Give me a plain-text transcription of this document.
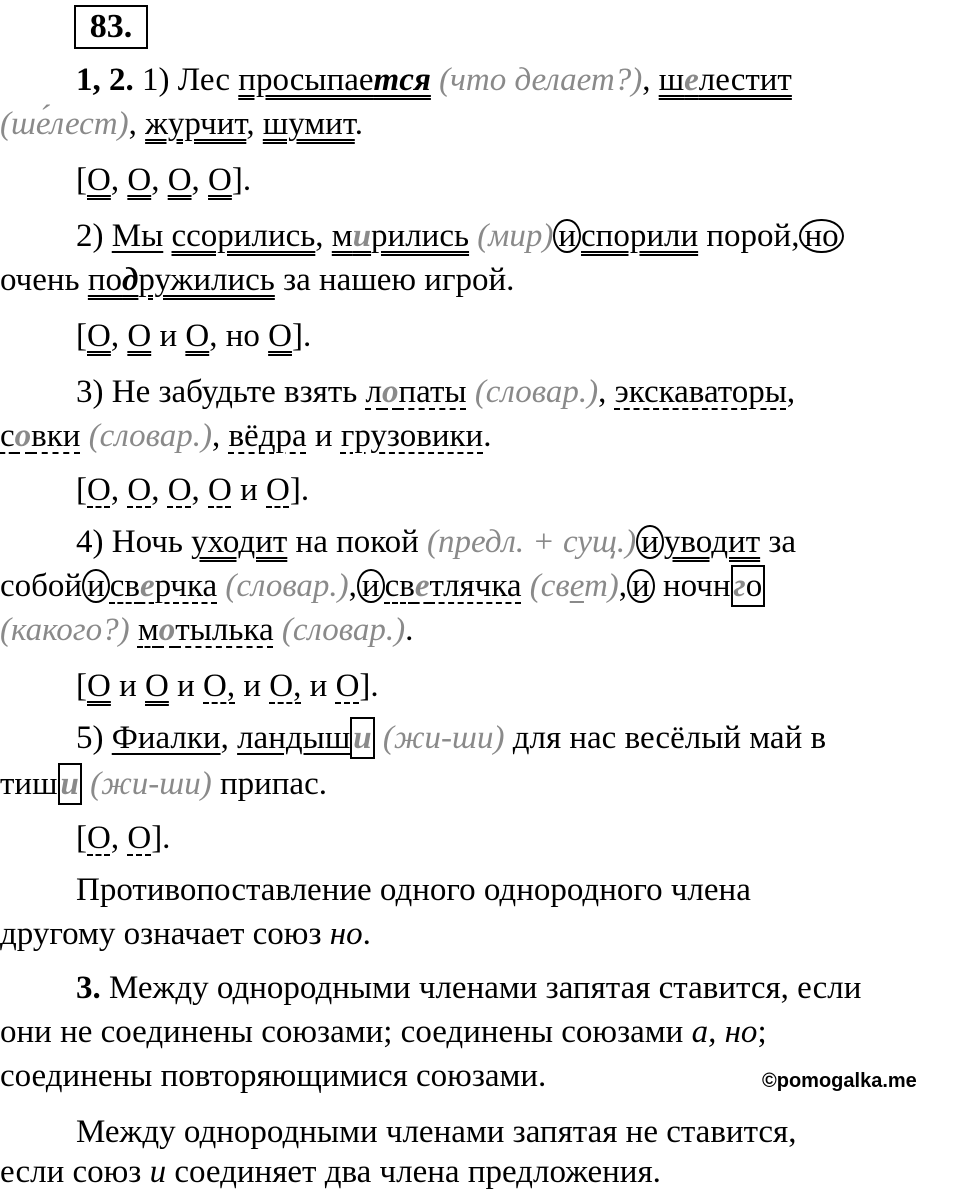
83.
1, 2. 1) Лес просыпается (что делает?), шелестит
(ше́лест), журчит, шумит.
[О, О, О, О].
2) Мы ссорились, мирились (мир) и спорили порой, но
очень подружились за нашею игрой.
[О, О и О, но О].
3) Не забудьте взять лопаты (словар.), экскаваторы,
совки (словар.), вёдра и грузовики.
[О, О, О, О и О].
4) Ночь уходит на покой (предл. + сущ.) и уводит за
собой и сверчка (словар.), и светлячка (свет), и ночнго
(какого?) мотылька (словар.).
[О и О и О, и О, и О].
5) Фиалки, ландыши (жи-ши) для нас весёлый май в
тиши (жи-ши) припас.
[О, О].
Противопоставление одного однородного члена
другому означает союз но.
3. Между однородными членами запятая ставится, если
они не соединены союзами; соединены союзами а, но;
соединены повторяющимися союзами.	©pomogalka.me
Между однородными членами запятая не ставится,
если союз и соединяет два члена предложения.
